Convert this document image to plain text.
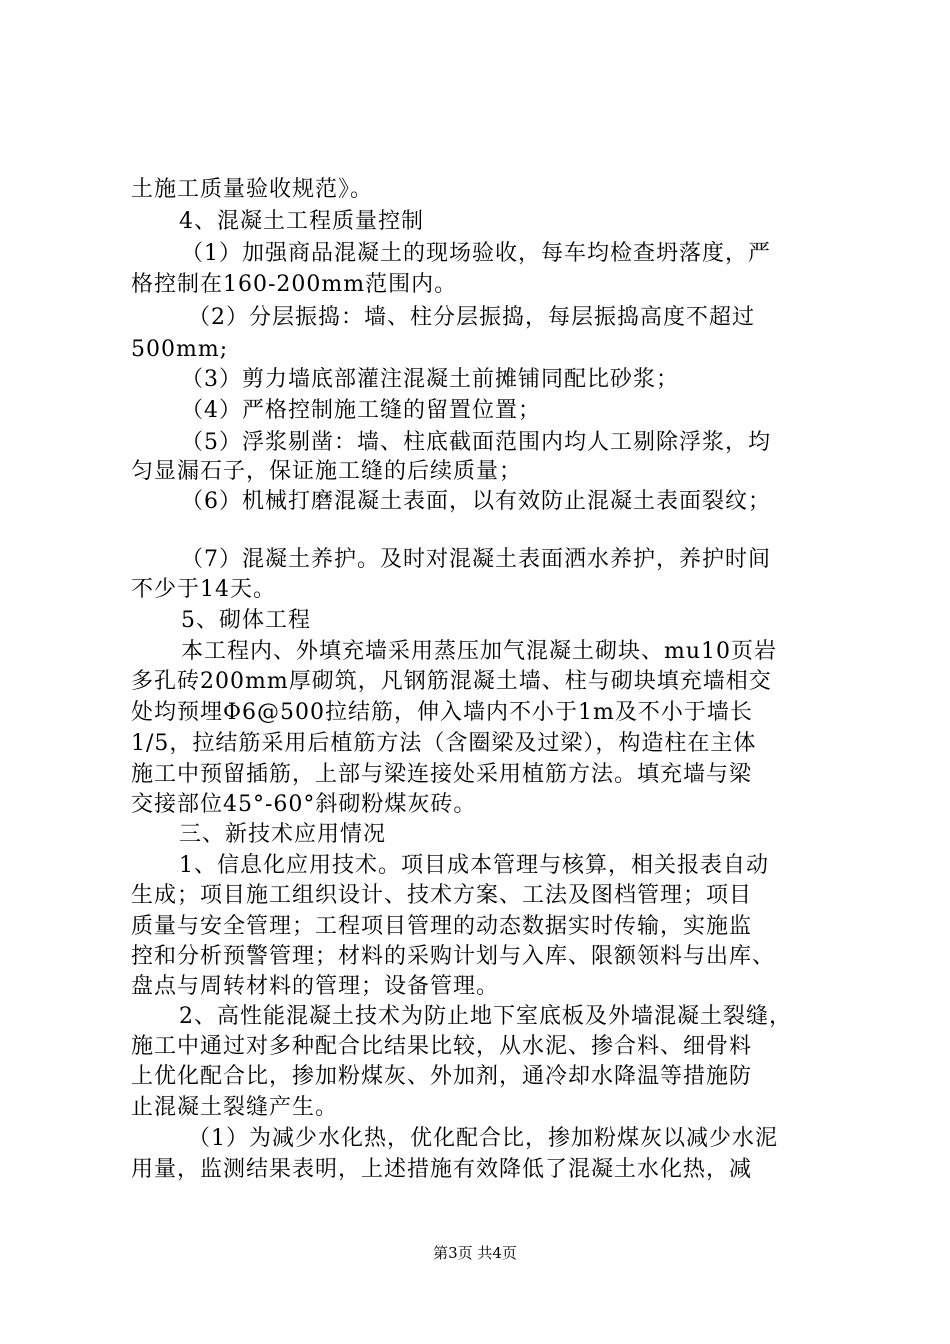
土施工质量验收规范》。
4、混凝土工程质量控制
（1）加强商品混凝土的现场验收，每车均检查坍落度，严
格控制在160-200mm范围内。
（2）分层振捣：墙、柱分层振捣，每层振捣高度不超过
500mm;
（3）剪力墙底部灌注混凝土前摊铺同配比砂浆；
（4）严格控制施工缝的留置位置；
（5）浮浆剔凿：墙、柱底截面范围内均人工剔除浮浆，均
匀显漏石子，保证施工缝的后续质量；
（6）机械打磨混凝土表面，以有效防止混凝土表面裂纹；
（7）混凝土养护。及时对混凝土表面洒水养护，养护时间
不少于14天。
5、砌体工程
本工程内、外填充墙采用蒸压加气混凝土砌块、mu10页岩
多孔砖200mm厚砌筑，凡钢筋混凝土墙、柱与砌块填充墙相交
处均预埋Φ6@500拉结筋，伸入墙内不小于1m及不小于墙长
1/5，拉结筋采用后植筋方法（含圈梁及过梁），构造柱在主体
施工中预留插筋，上部与梁连接处采用植筋方法。填充墙与梁
交接部位45°-60°斜砌粉煤灰砖。
三、新技术应用情况
1、信息化应用技术。项目成本管理与核算，相关报表自动
生成；项目施工组织设计、技术方案、工法及图档管理；项目
质量与安全管理；工程项目管理的动态数据实时传输，实施监
控和分析预警管理；材料的采购计划与入库、限额领料与出库、
盘点与周转材料的管理；设备管理。
2、高性能混凝土技术为防止地下室底板及外墙混凝土裂缝，
施工中通过对多种配合比结果比较，从水泥、掺合料、细骨料
上优化配合比，掺加粉煤灰、外加剂，通冷却水降温等措施防
止混凝土裂缝产生。
（1）为减少水化热，优化配合比，掺加粉煤灰以减少水泥
用量，监测结果表明，上述措施有效降低了混凝土水化热，减
第3页 共4页
